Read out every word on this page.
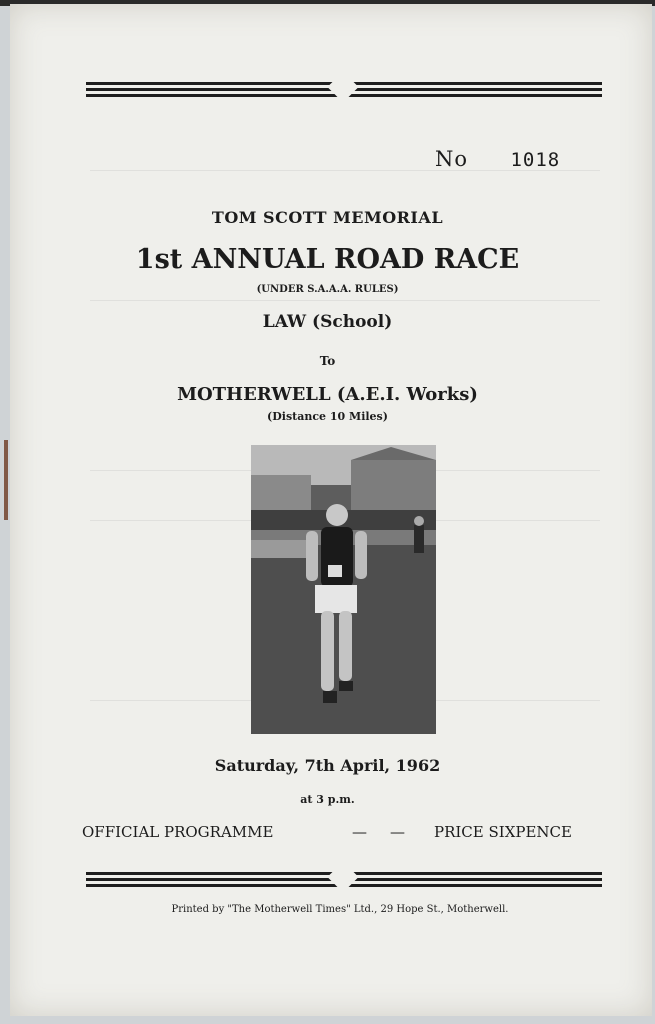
No 1018
TOM SCOTT MEMORIAL
1st ANNUAL ROAD RACE
(UNDER S.A.A.A. RULES)
LAW (School)
To
MOTHERWELL (A.E.I. Works)
(Distance 10 Miles)
Saturday, 7th April, 1962
at 3 p.m.
OFFICIAL PROGRAMME	— — PRICE SIXPENCE
Printed by "The Motherwell Times" Ltd., 29 Hope St., Motherwell.
